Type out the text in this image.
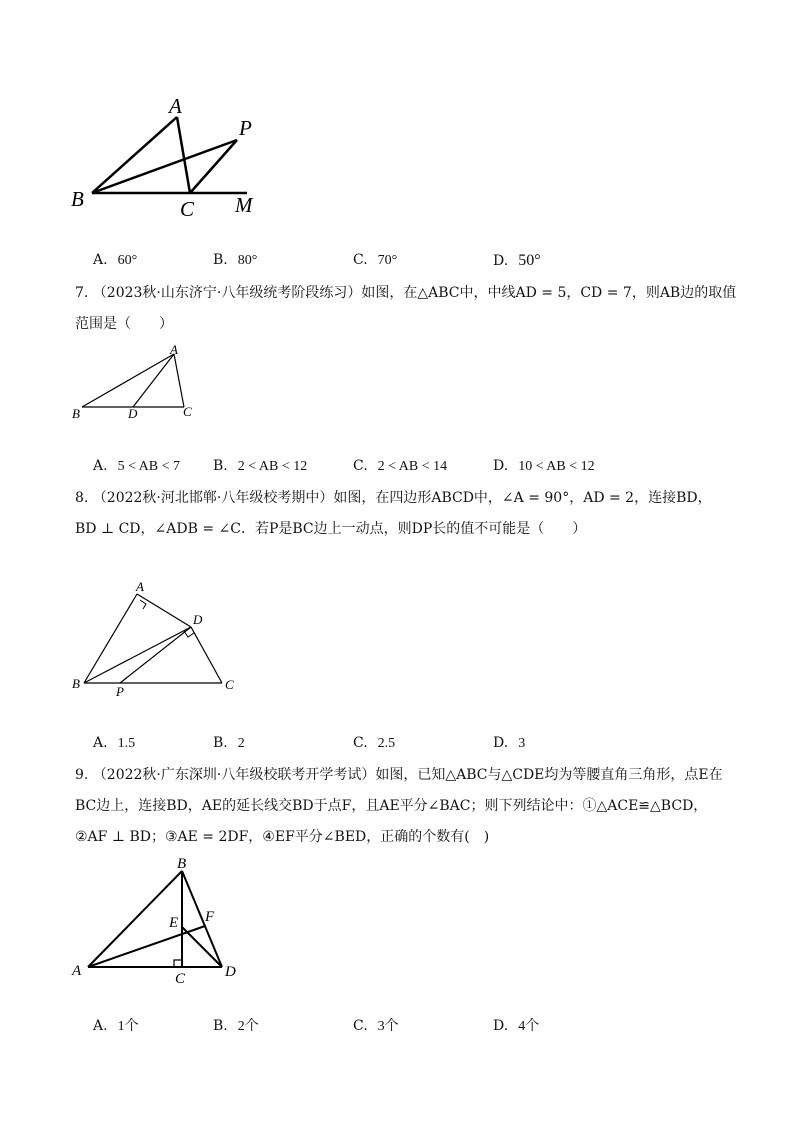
A
P
B	C M
A. 60°	B. 80°	C. 70°	D. 50°
7. （2023秋·山东济宁·八年级统考阶段练习）如图，在△ABC中，中线AD = 5，CD = 7，则AB边的取值
范围是（　　）
A
B	D	C
A. 5 < AB < 7 B. 2 < AB < 12	C. 2 < AB < 14	D. 10 < AB < 12
8. （2022秋·河北邯郸·八年级校考期中）如图，在四边形ABCD中，∠A = 90°，AD = 2，连接BD，
BD ⊥ CD，∠ADB = ∠C．若P是BC边上一动点，则DP长的值不可能是（　　）
A
D
B
P	C
A. 1.5	B. 2	C. 2.5	D. 3
9. （2022秋·广东深圳·八年级校联考开学考试）如图，已知△ABC与△CDE均为等腰直角三角形，点E在
BC边上，连接BD，AE的延长线交BD于点F，且AE平分∠BAC；则下列结论中：①△ACE≌△BCD，
②AF ⊥ BD；③AE = 2DF，④EF平分∠BED，正确的个数有(　)
B
E F
A	C	D
A. 1个	B. 2个	C. 3个	D. 4个
